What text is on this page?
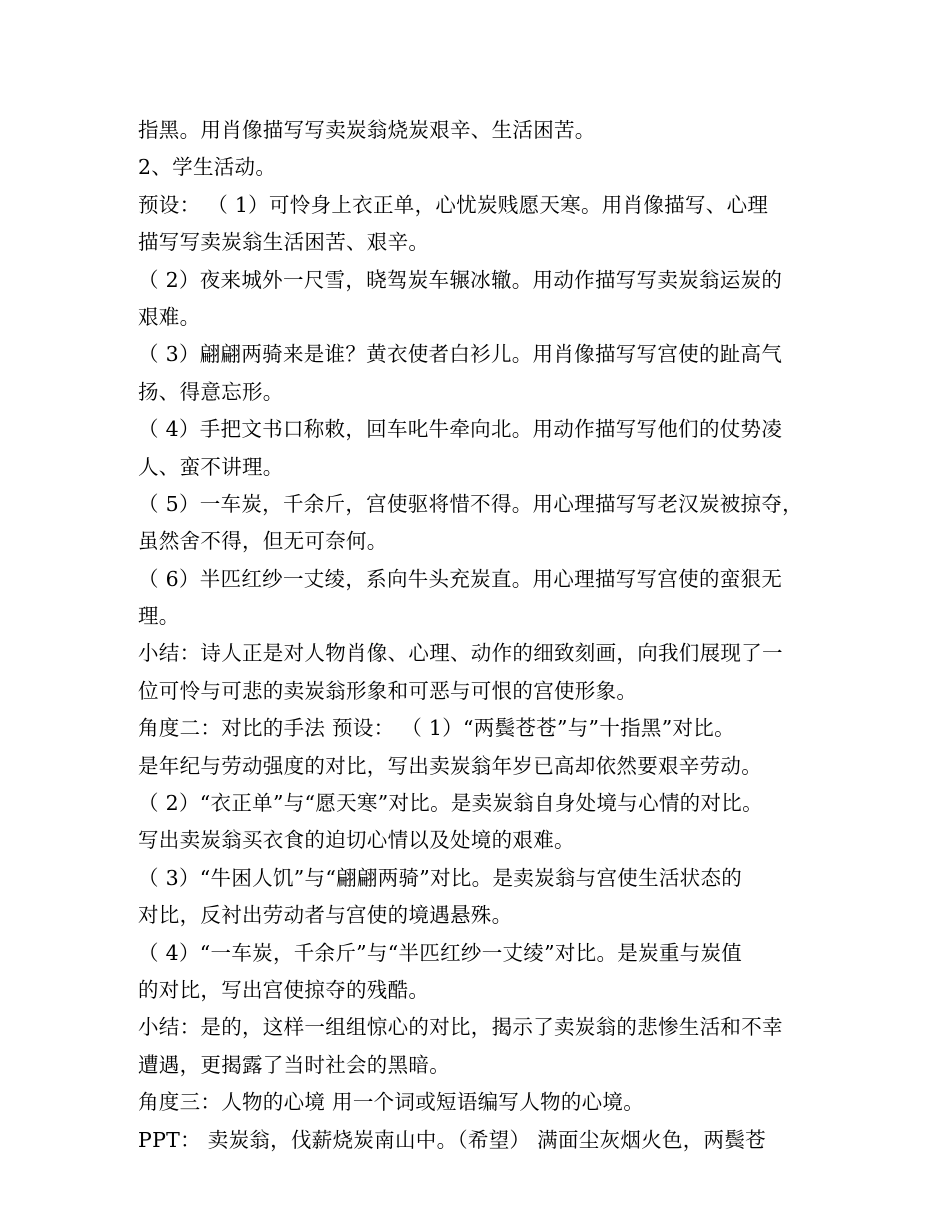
指黑。用肖像描写写卖炭翁烧炭艰辛、生活困苦。
2、学生活动。
预设： （ 1）可怜身上衣正单，心忧炭贱愿天寒。用肖像描写、心理
描写写卖炭翁生活困苦、艰辛。
（ 2）夜来城外一尺雪，晓驾炭车辗冰辙。用动作描写写卖炭翁运炭的
艰难。
（ 3）翩翩两骑来是谁？黄衣使者白衫儿。用肖像描写写宫使的趾高气
扬、得意忘形。
（ 4）手把文书口称敕，回车叱牛牵向北。用动作描写写他们的仗势凌
人、蛮不讲理。
（ 5）一车炭，千余斤，宫使驱将惜不得。用心理描写写老汉炭被掠夺，
虽然舍不得，但无可奈何。
（ 6）半匹红纱一丈绫，系向牛头充炭直。用心理描写写宫使的蛮狠无
理。
小结：诗人正是对人物肖像、心理、动作的细致刻画，向我们展现了一
位可怜与可悲的卖炭翁形象和可恶与可恨的宫使形象。
角度二：对比的手法 预设： （ 1）“两鬓苍苍”与”十指黑”对比。
是年纪与劳动强度的对比，写出卖炭翁年岁已高却依然要艰辛劳动。
（ 2）“衣正单”与“愿天寒”对比。是卖炭翁自身处境与心情的对比。
写出卖炭翁买衣食的迫切心情以及处境的艰难。
（ 3）“牛困人饥”与“翩翩两骑”对比。是卖炭翁与宫使生活状态的
对比，反衬出劳动者与宫使的境遇悬殊。
（ 4）“一车炭，千余斤”与“半匹红纱一丈绫”对比。是炭重与炭值
的对比，写出宫使掠夺的残酷。
小结：是的，这样一组组惊心的对比，揭示了卖炭翁的悲惨生活和不幸
遭遇，更揭露了当时社会的黑暗。
角度三：人物的心境 用一个词或短语编写人物的心境。
PPT： 卖炭翁，伐薪烧炭南山中。（希望） 满面尘灰烟火色，两鬓苍
